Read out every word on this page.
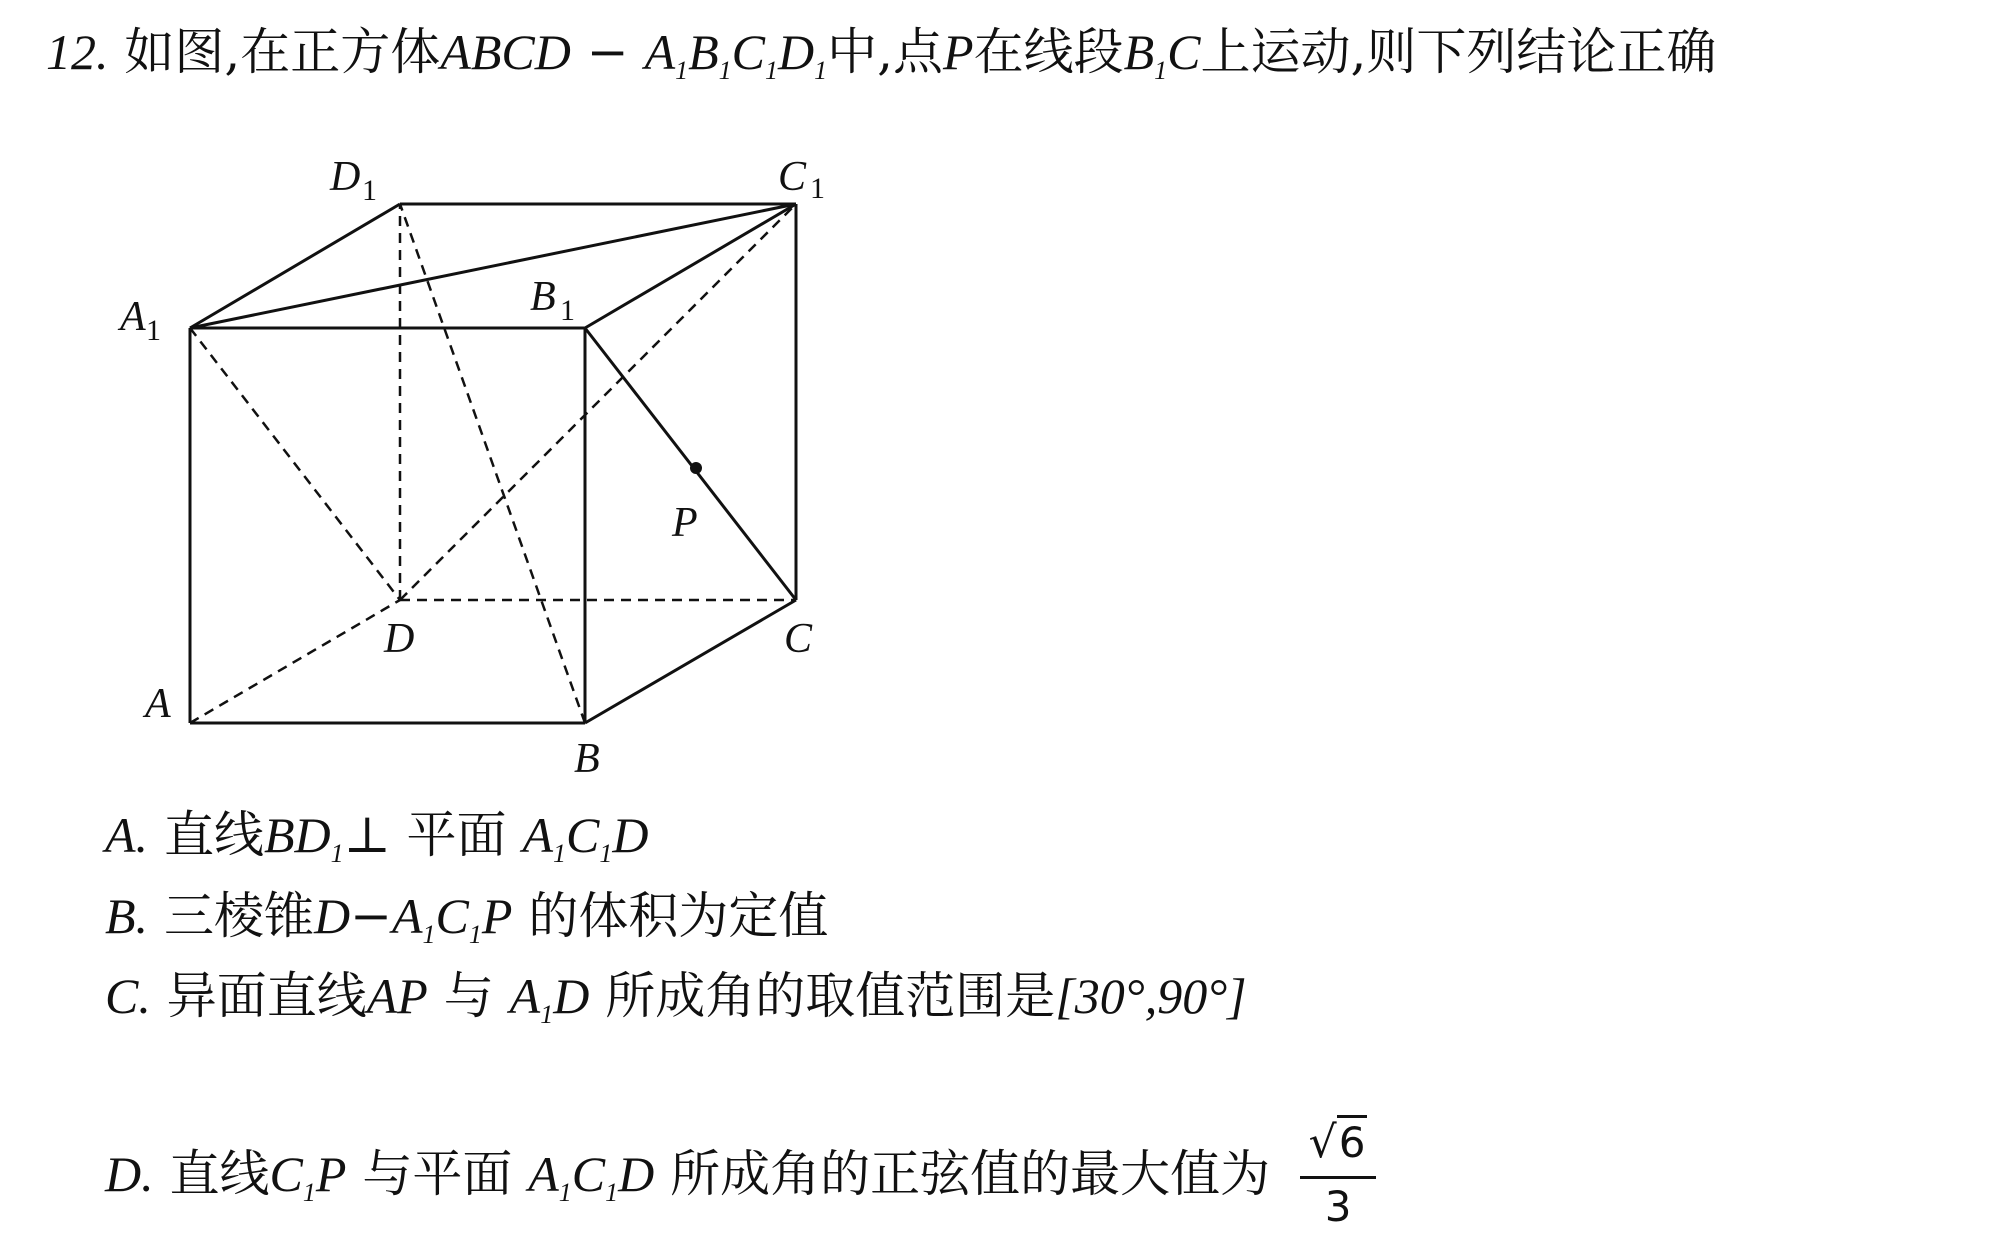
12. 如图,在正方体ABCD − $A_1B_1C_1D_1$中,点P在线段$B_1C$上运动,则下列结论正确
D 1	C 1
A 1
B 1
P
D	C
A
B
A. 直线$BD_1\perp$ 平面 $A_1C_1D$
B. 三棱锥$D-A_1C_1P$ 的体积为定值
C. 异面直线AP 与 $A_1D$ 所成角的取值范围是[30°,90°]
D. 直线$C_1P$ 与平面 $A_1C_1D$ 所成角的正弦值的最大值为 $\frac{√6}{3}$
